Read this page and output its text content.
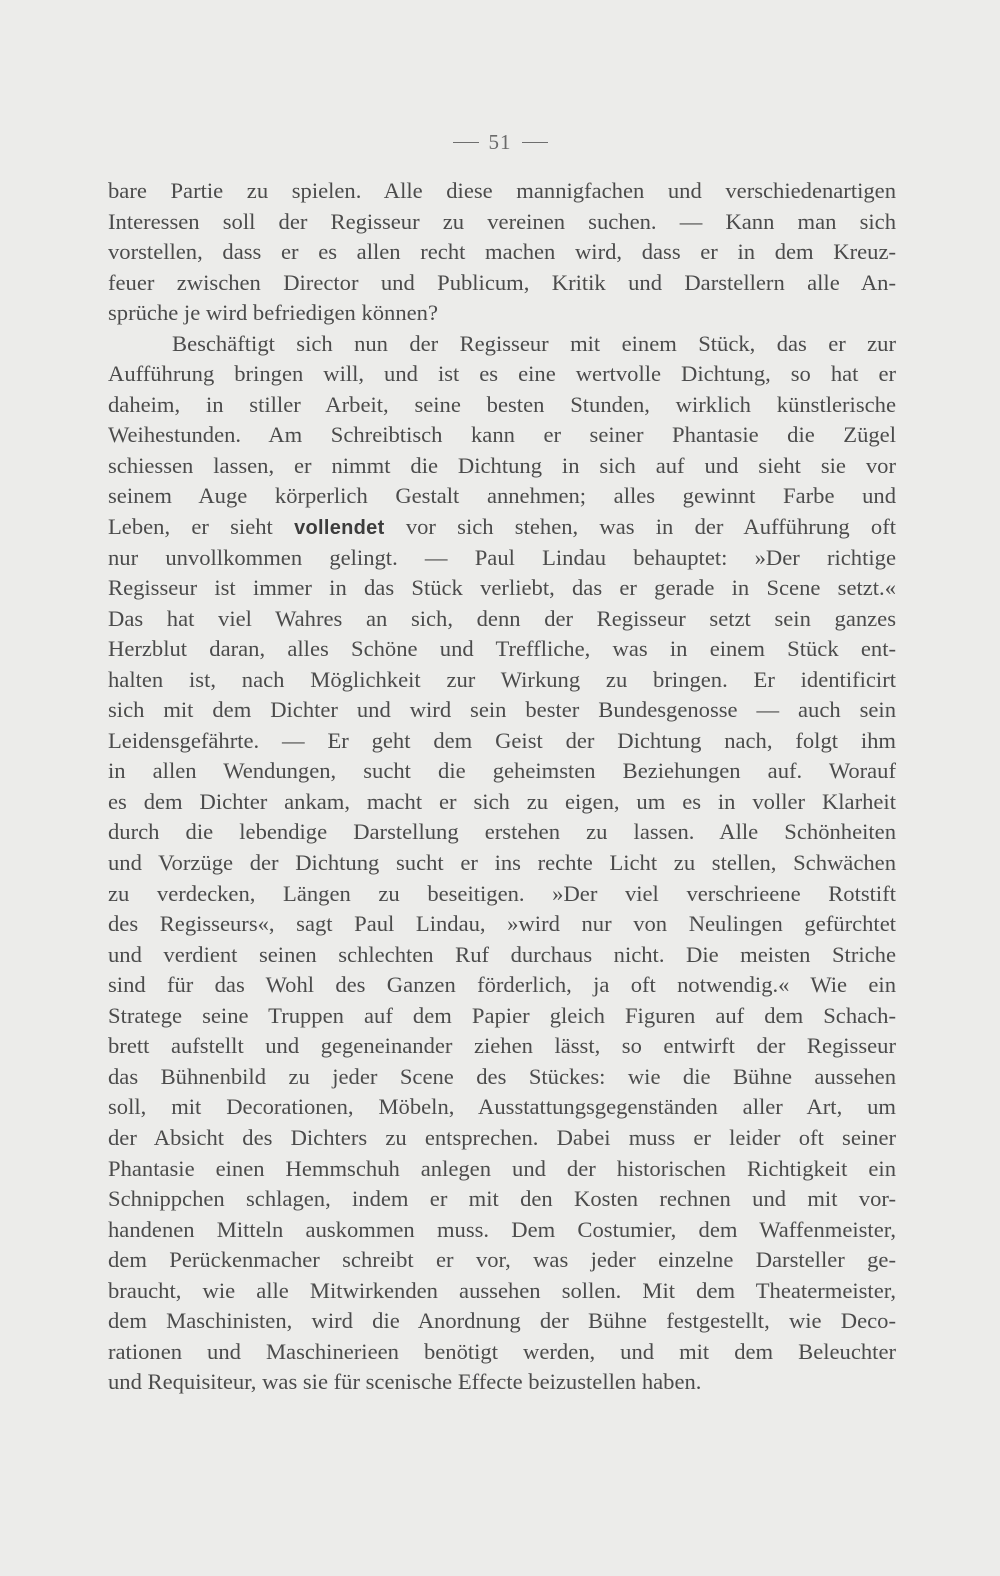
51
bare Partie zu spielen. Alle diese mannigfachen und verschiedenartigen
Interessen soll der Regisseur zu vereinen suchen. — Kann man sich
vorstellen, dass er es allen recht machen wird, dass er in dem Kreuz-
feuer zwischen Director und Publicum, Kritik und Darstellern alle An-
sprüche je wird befriedigen können?
Beschäftigt sich nun der Regisseur mit einem Stück, das er zur
Aufführung bringen will, und ist es eine wertvolle Dichtung, so hat er
daheim, in stiller Arbeit, seine besten Stunden, wirklich künstlerische
Weihestunden. Am Schreibtisch kann er seiner Phantasie die Zügel
schiessen lassen, er nimmt die Dichtung in sich auf und sieht sie vor
seinem Auge körperlich Gestalt annehmen; alles gewinnt Farbe und
Leben, er sieht vollendet vor sich stehen, was in der Aufführung oft
nur unvollkommen gelingt. — Paul Lindau behauptet: »Der richtige
Regisseur ist immer in das Stück verliebt, das er gerade in Scene setzt.«
Das hat viel Wahres an sich, denn der Regisseur setzt sein ganzes
Herzblut daran, alles Schöne und Treffliche, was in einem Stück ent-
halten ist, nach Möglichkeit zur Wirkung zu bringen. Er identificirt
sich mit dem Dichter und wird sein bester Bundesgenosse — auch sein
Leidensgefährte. — Er geht dem Geist der Dichtung nach, folgt ihm
in allen Wendungen, sucht die geheimsten Beziehungen auf. Worauf
es dem Dichter ankam, macht er sich zu eigen, um es in voller Klarheit
durch die lebendige Darstellung erstehen zu lassen. Alle Schönheiten
und Vorzüge der Dichtung sucht er ins rechte Licht zu stellen, Schwächen
zu verdecken, Längen zu beseitigen. »Der viel verschrieene Rotstift
des Regisseurs«, sagt Paul Lindau, »wird nur von Neulingen gefürchtet
und verdient seinen schlechten Ruf durchaus nicht. Die meisten Striche
sind für das Wohl des Ganzen förderlich, ja oft notwendig.« Wie ein
Stratege seine Truppen auf dem Papier gleich Figuren auf dem Schach-
brett aufstellt und gegeneinander ziehen lässt, so entwirft der Regisseur
das Bühnenbild zu jeder Scene des Stückes: wie die Bühne aussehen
soll, mit Decorationen, Möbeln, Ausstattungsgegenständen aller Art, um
der Absicht des Dichters zu entsprechen. Dabei muss er leider oft seiner
Phantasie einen Hemmschuh anlegen und der historischen Richtigkeit ein
Schnippchen schlagen, indem er mit den Kosten rechnen und mit vor-
handenen Mitteln auskommen muss. Dem Costumier, dem Waffenmeister,
dem Perückenmacher schreibt er vor, was jeder einzelne Darsteller ge-
braucht, wie alle Mitwirkenden aussehen sollen. Mit dem Theatermeister,
dem Maschinisten, wird die Anordnung der Bühne festgestellt, wie Deco-
rationen und Maschinerieen benötigt werden, und mit dem Beleuchter
und Requisiteur, was sie für scenische Effecte beizustellen haben.
